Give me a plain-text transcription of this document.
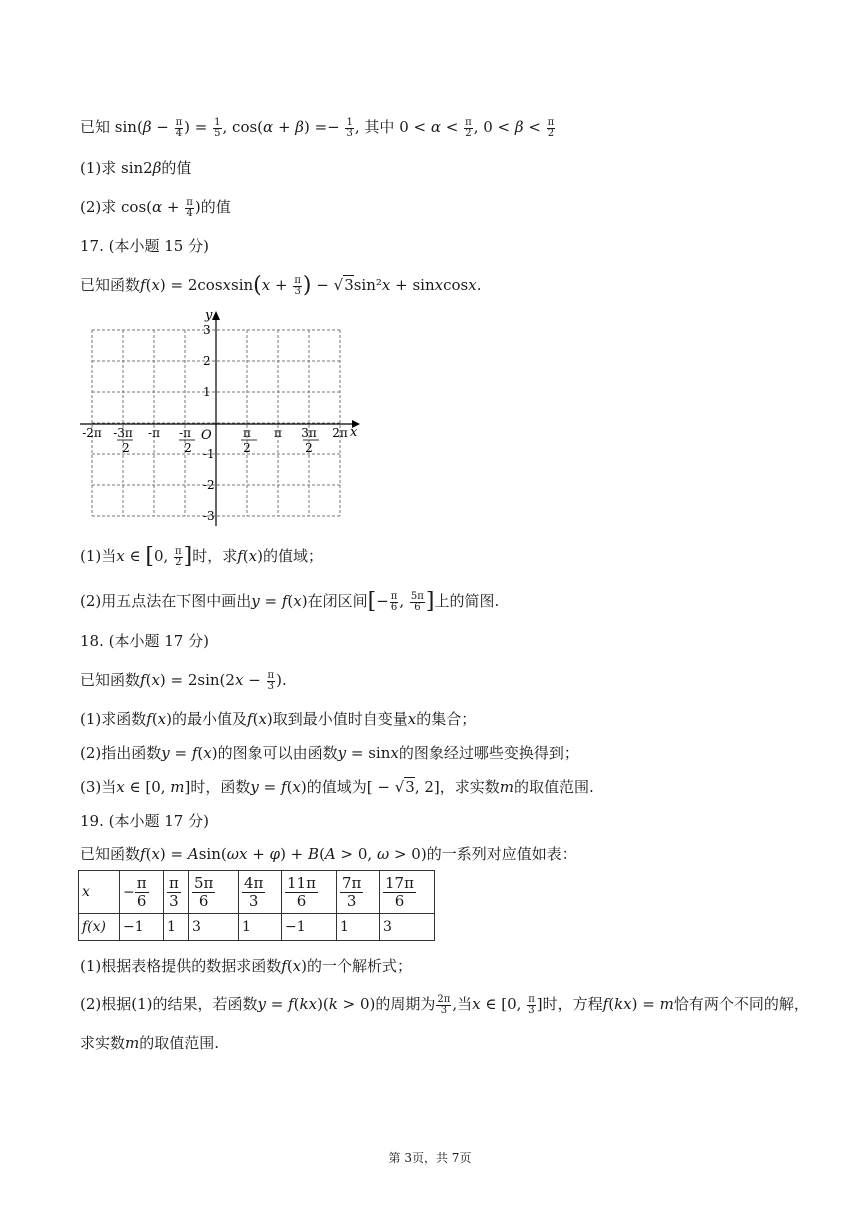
已知 $\sin(\beta - \frac{\pi}{4}$ ) = $\frac{1}{5}$ , $\cos(\alpha + \beta) =- \frac{1}{3}$ , 其中 $0 < \alpha < \frac{\pi}{2}$ , $0 < \beta < \frac{\pi}{2}$
(1)求 sin2β的值
(2)求 $\cos(\alpha + \frac{\pi}{4}$ )的值
17. (本小题 15 分)
已知函数f(x) = 2cosxsin(x + $\frac{\pi}{3}$ ) − √3sin²x + sinxcosx.
y
x
O
3
2
1
-1
-2
-3
-2π -3π
2
-π -π
2
π
2
π 3π
2
2π
(1)当x ∈ [0, $\frac{\pi}{2}$ ]时，求f(x)的值域；
(2)用五点法在下图中画出y = f(x)在闭区间[− $\frac{\pi}{6}$ , $\frac{5\pi}{6}$ ]上的简图.
18. (本小题 17 分)
已知函数$f(x) = 2\sin(2x - \frac{\pi}{3}$ ).
(1)求函数f(x)的最小值及f(x)取到最小值时自变量x的集合；
(2)指出函数y = f(x)的图象可以由函数y = sinx的图象经过哪些变换得到；
(3)当x ∈ [0, m]时，函数y = f(x)的值域为[ − √3, 2]，求实数m的取值范围.
19. (本小题 17 分)
已知函数f(x) = Asin(ωx + φ) + B(A > 0, ω > 0)的一系列对应值如表：
x	− $\frac{\pi}{6}$	$\frac{\pi}{3}$	$\frac{5\pi}{6}$	$\frac{4\pi}{3}$	$\frac{11\pi}{6}$	$\frac{7\pi}{3}$	$\frac{17\pi}{6}$

f(x)	−1	1	3	1	−1	1	3
(1)根据表格提供的数据求函数f(x)的一个解析式；
(2)根据(1)的结果，若函数y = f(kx)(k > 0)的周期为 $\frac{2\pi}{3}$ ,当x ∈ [0, $\frac{\pi}{3}$ ]时，方程f(kx) = m恰有两个不同的解，
求实数m的取值范围.
第 3页，共 7页
